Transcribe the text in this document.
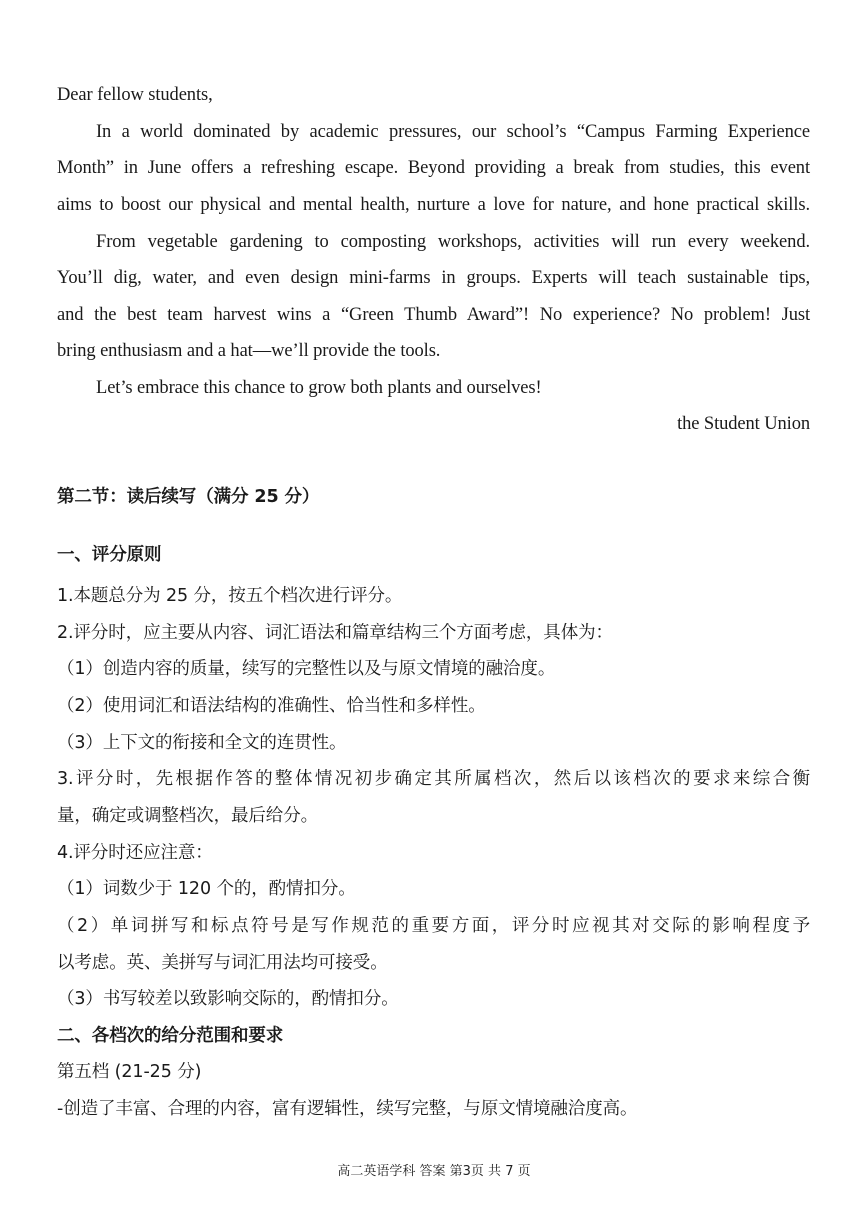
Dear fellow students,
In a world dominated by academic pressures, our school’s “Campus Farming Experience
Month” in June offers a refreshing escape. Beyond providing a break from studies, this event
aims to boost our physical and mental health, nurture a love for nature, and hone practical skills.
From vegetable gardening to composting workshops, activities will run every weekend.
You’ll dig, water, and even design mini-farms in groups. Experts will teach sustainable tips,
and the best team harvest wins a “Green Thumb Award”! No experience? No problem! Just
bring enthusiasm and a hat—we’ll provide the tools.
Let’s embrace this chance to grow both plants and ourselves!
the Student Union
第二节：读后续写（满分 25 分）
一、评分原则
1.本题总分为 25 分，按五个档次进行评分。
2.评分时，应主要从内容、词汇语法和篇章结构三个方面考虑，具体为：
（1）创造内容的质量，续写的完整性以及与原文情境的融洽度。
（2）使用词汇和语法结构的准确性、恰当性和多样性。
（3）上下文的衔接和全文的连贯性。
3.评分时，先根据作答的整体情况初步确定其所属档次，然后以该档次的要求来综合衡
量，确定或调整档次，最后给分。
4.评分时还应注意：
（1）词数少于 120 个的，酌情扣分。
（2）单词拼写和标点符号是写作规范的重要方面，评分时应视其对交际的影响程度予
以考虑。英、美拼写与词汇用法均可接受。
（3）书写较差以致影响交际的，酌情扣分。
二、各档次的给分范围和要求
第五档 (21-25 分)
-创造了丰富、合理的内容，富有逻辑性，续写完整，与原文情境融洽度高。
高二英语学科 答案 第3页 共 7 页
